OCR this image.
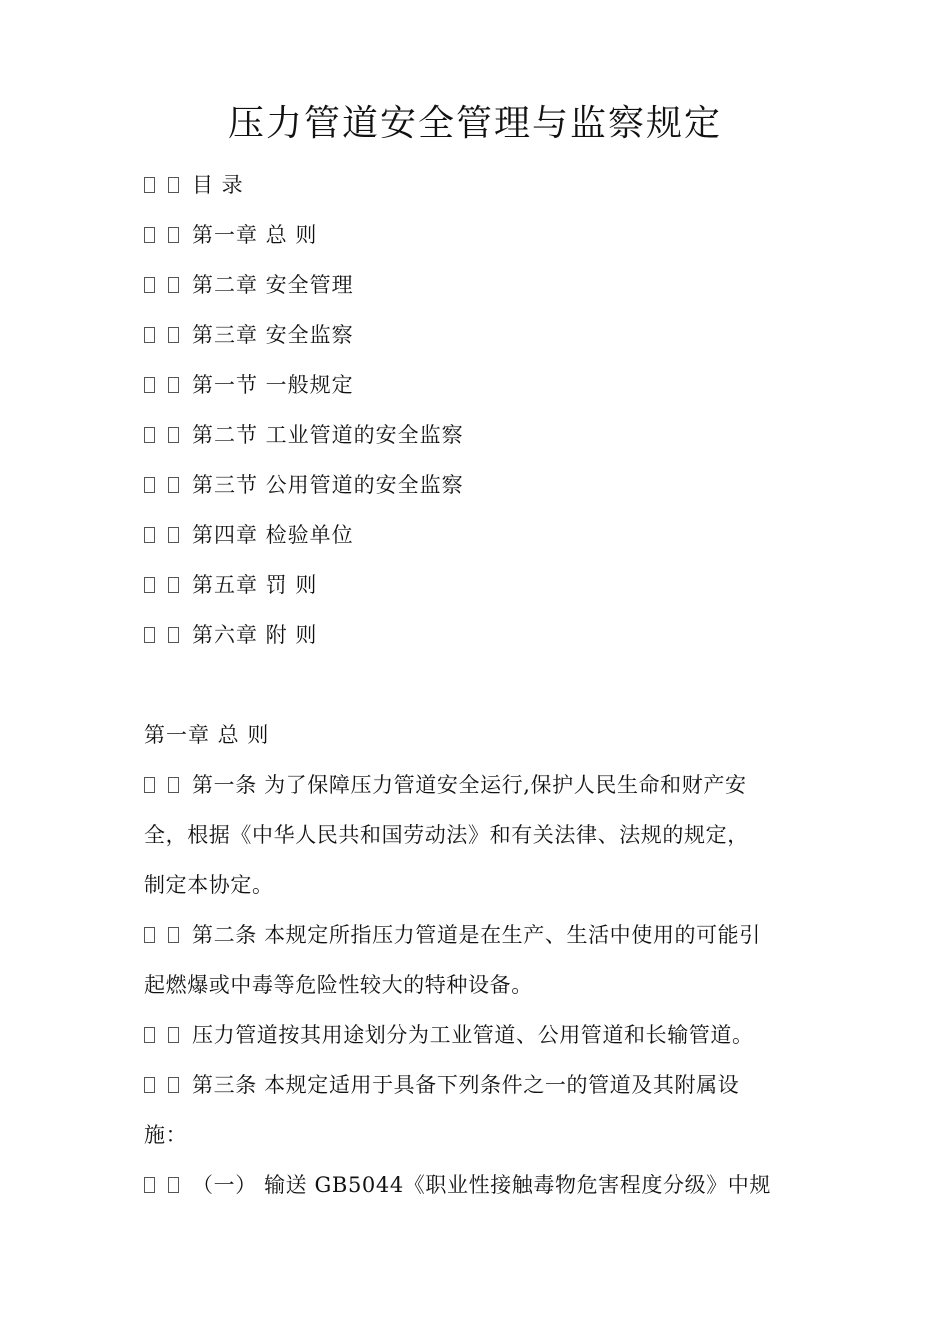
压力管道安全管理与监察规定
目 录
第一章 总 则
第二章 安全管理
第三章 安全监察
第一节 一般规定
第二节 工业管道的安全监察
第三节 公用管道的安全监察
第四章 检验单位
第五章 罚 则
第六章 附 则
第一章 总 则
第一条 为了保障压力管道安全运行,保护人民生命和财产安
全，根据《中华人民共和国劳动法》和有关法律、法规的规定，
制定本协定。
第二条 本规定所指压力管道是在生产、生活中使用的可能引
起燃爆或中毒等危险性较大的特种设备。
压力管道按其用途划分为工业管道、公用管道和长输管道。
第三条 本规定适用于具备下列条件之一的管道及其附属设
施：
（一） 输送 GB5044《职业性接触毒物危害程度分级》中规
